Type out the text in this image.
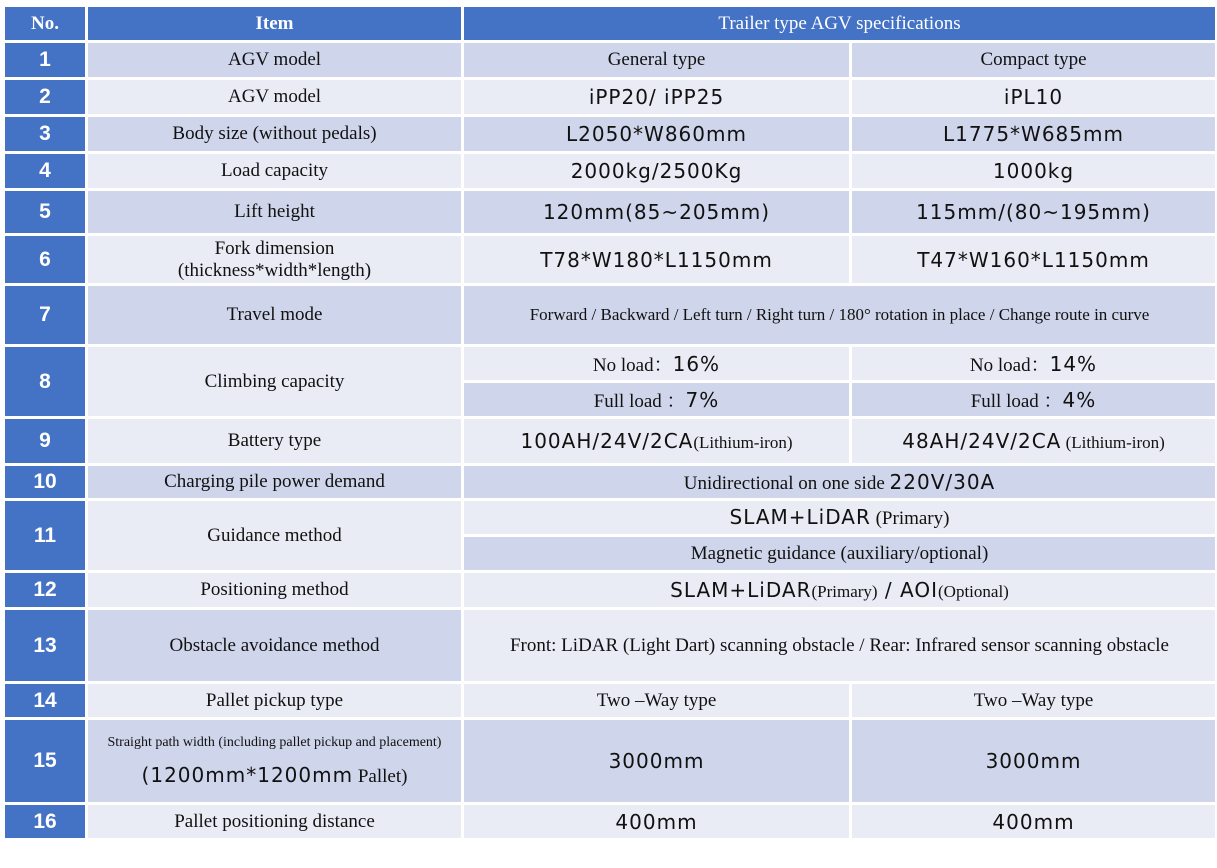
No.	Item	Trailer type AGV specifications	
1	AGV model	General type	Compact type
2	AGV model	iPP20/ iPP25	iPL10
3	Body size (without pedals)	L2050*W860mm	L1775*W685mm
4	Load capacity	2000kg/2500Kg	1000kg
5	Lift height	120mm(85~205mm)	115mm/(80~195mm)
6	Fork dimension
(thickness*width*length)	T78*W180*L1150mm	T47*W160*L1150mm
7	Travel mode	Forward / Backward / Left turn / Right turn / 180° rotation in place / Change route in curve	
8	Climbing capacity	No load：16%	No load：14%
		Full load ：7%	Full load ：4%
9	Battery type	100AH/24V/2CA(Lithium-iron)	48AH/24V/2CA (Lithium-iron)
10	Charging pile power demand	Unidirectional on one side 220V/30A	
11	Guidance method	SLAM+LiDAR (Primary)	
		Magnetic guidance (auxiliary/optional)	
12	Positioning method	SLAM+LiDAR(Primary) / AOI(Optional)	
13	Obstacle avoidance method	Front: LiDAR (Light Dart) scanning obstacle / Rear: Infrared sensor scanning obstacle	
14	Pallet pickup type	Two –Way type	Two –Way type
15	Straight path width (including pallet pickup and placement)
(1200mm*1200mm Pallet)	3000mm	3000mm
16	Pallet positioning distance	400mm	400mm
